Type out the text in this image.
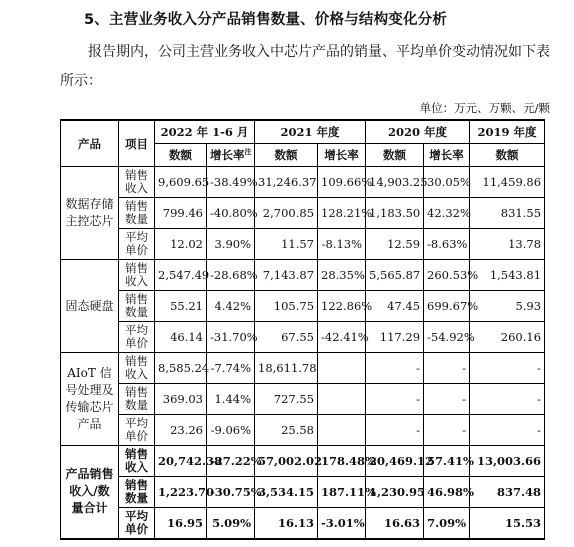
5、主营业务收入分产品销售数量、价格与结构变化分析
报告期内，公司主营业务收入中芯片产品的销量、平均单价变动情况如下表
所示：
单位：万元、万颗、元/颗
产品	项目	2022 年 1-6 月		2021 年度		2020 年度		2019 年度
		数额	增长率$^注$	数额	增长率	数额	增长率	数额
数据存储主控芯片	销售收入	9,609.65	-38.49%	31,246.37	109.66%	14,903.25	30.05%	11,459.86
	销售数量	799.46	-40.80%	2,700.85	128.21%	1,183.50	42.32%	831.55
	平均单价	12.02	3.90%	11.57	-8.13%	12.59	-8.63%	13.78
固态硬盘	销售收入	2,547.49	-28.68%	7,143.87	28.35%	5,565.87	260.53%	1,543.81
	销售数量	55.21	4.42%	105.75	122.86%	47.45	699.67%	5.93
	平均单价	46.14	-31.70%	67.55	-42.41%	117.29	-54.92%	260.16
AIoT 信号处理及传输芯片产品	销售收入	8,585.24	-7.74%	18,611.78		-	-	-
	销售数量	369.03	1.44%	727.55		-	-	-
	平均单价	23.26	-9.06%	25.58		-	-	-
产品销售收入/数量合计	销售收入	20,742.38	-27.22%	57,002.02	178.48%	20,469.12	57.41%	13,003.66
	销售数量	1,223.70	-30.75%	3,534.15	187.11%	1,230.95	46.98%	837.48
	平均单价	16.95	5.09%	16.13	-3.01%	16.63	7.09%	15.53
